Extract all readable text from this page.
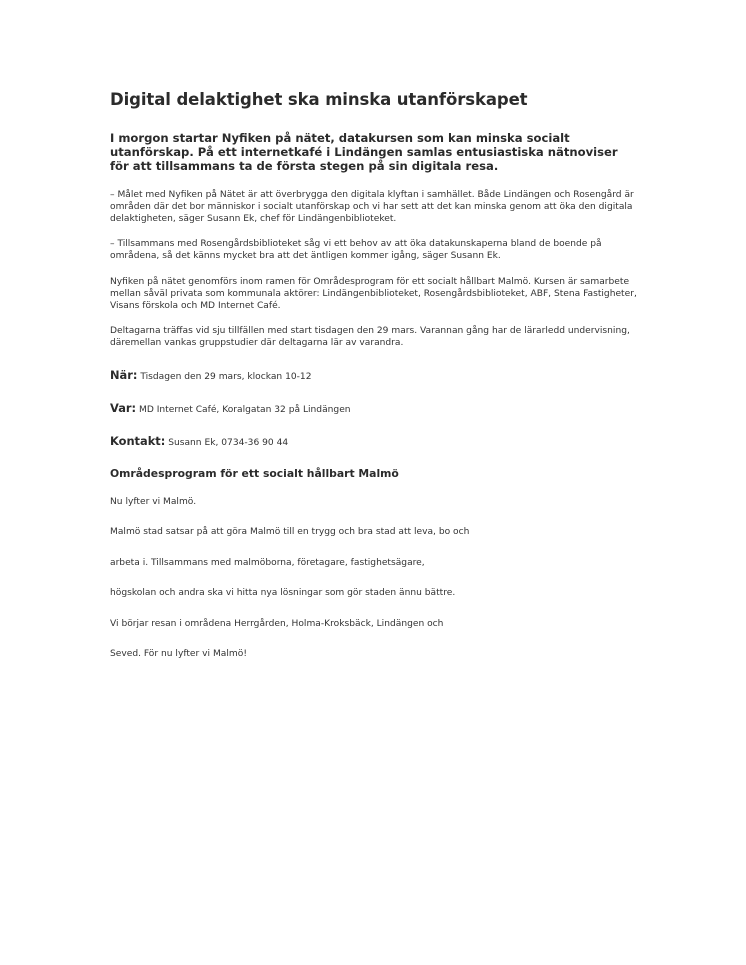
Digital delaktighet ska minska utanförskapet

I morgon startar Nyfiken på nätet, datakursen som kan minska socialt utanförskap. På ett internetkafé i Lindängen samlas entusiastiska nätnoviser för att tillsammans ta de första stegen på sin digitala resa.

– Målet med Nyfiken på Nätet är att överbrygga den digitala klyftan i samhället. Både Lindängen och Rosengård är områden där det bor människor i socialt utanförskap och vi har sett att det kan minska genom att öka den digitala delaktigheten, säger Susann Ek, chef för Lindängenbiblioteket.

– Tillsammans med Rosengårdsbiblioteket såg vi ett behov av att öka datakunskaperna bland de boende på områdena, så det känns mycket bra att det äntligen kommer igång, säger Susann Ek.

Nyfiken på nätet genomförs inom ramen för Områdesprogram för ett socialt hållbart Malmö. Kursen är samarbete mellan såväl privata som kommunala aktörer: Lindängenbiblioteket, Rosengårdsbiblioteket, ABF, Stena Fastigheter, Visans förskola och MD Internet Café.

Deltagarna träffas vid sju tillfällen med start tisdagen den 29 mars. Varannan gång har de lärarledd undervisning, däremellan vankas gruppstudier där deltagarna lär av varandra.

När: Tisdagen den 29 mars, klockan 10-12
Var: MD Internet Café, Koralgatan 32 på Lindängen
Kontakt: Susann Ek, 0734-36 90 44
Områdesprogram för ett socialt hållbart Malmö
Nu lyfter vi Malmö.
Malmö stad satsar på att göra Malmö till en trygg och bra stad att leva, bo och
arbeta i. Tillsammans med malmöborna, företagare, fastighetsägare,
högskolan och andra ska vi hitta nya lösningar som gör staden ännu bättre.
Vi börjar resan i områdena Herrgården, Holma-Kroksbäck, Lindängen och
Seved. För nu lyfter vi Malmö!
